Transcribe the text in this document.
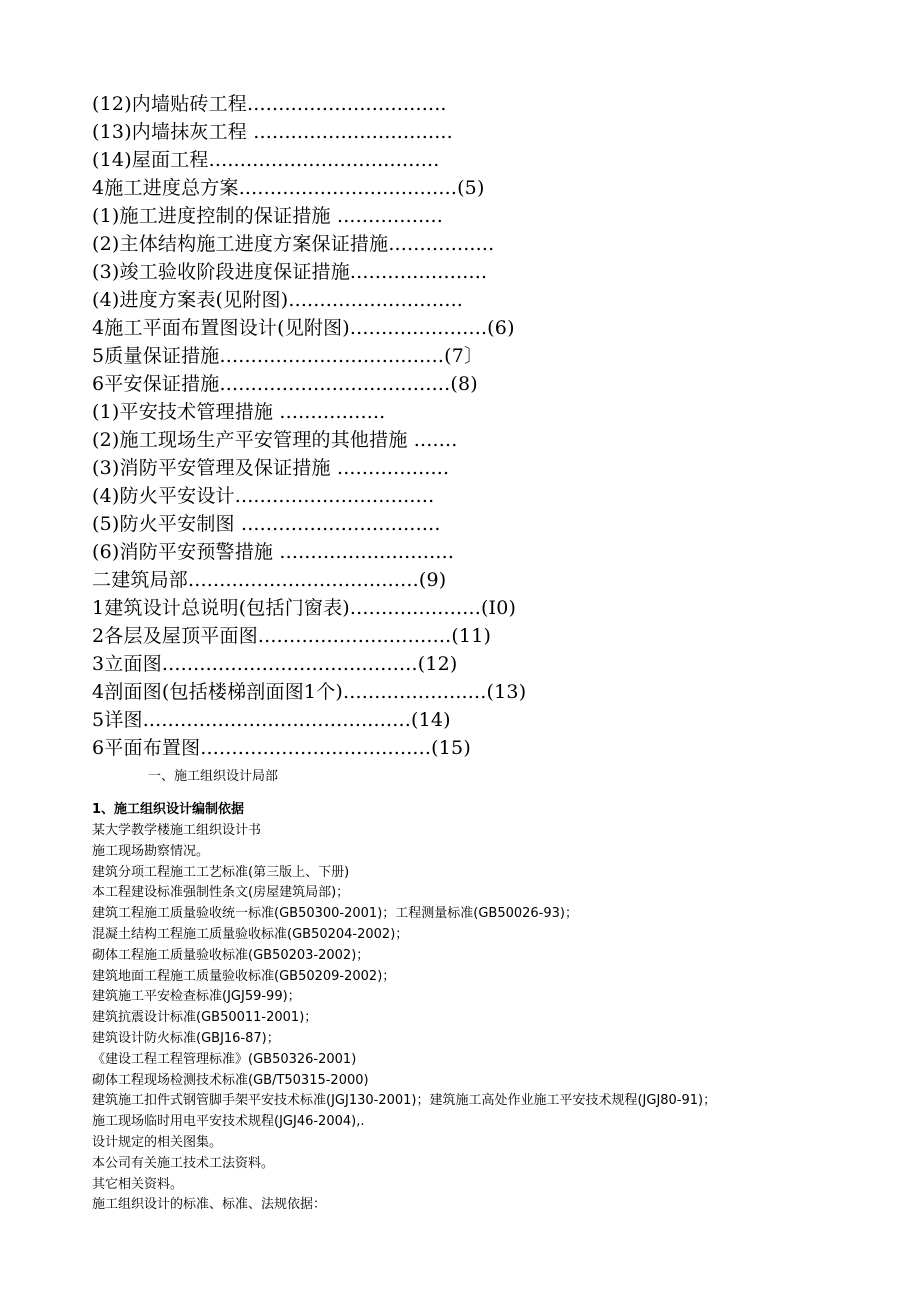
(12)内墙贴砖工程................................
(13)内墙抹灰工程 ................................
(14)屋面工程.....................................
4施工进度总方案...................................(5)
(1)施工进度控制的保证措施 .................
(2)主体结构施工进度方案保证措施.................
(3)竣工验收阶段进度保证措施......................
(4)进度方案表(见附图)............................
4施工平面布置图设计(见附图)......................(6)
5质量保证措施....................................(7〕
6平安保证措施.....................................(8)
(1)平安技术管理措施 .................
(2)施工现场生产平安管理的其他措施 .......
(3)消防平安管理及保证措施 ..................
(4)防火平安设计................................
(5)防火平安制图 ................................
(6)消防平安预警措施 ............................
二建筑局部.....................................(9)
1建筑设计总说明(包括门窗表).....................(I0)
2各层及屋顶平面图...............................(11)
3立面图.........................................(12)
4剖面图(包括楼梯剖面图1个).......................(13)
5详图...........................................(14)
6平面布置图.....................................(15)
一、施工组织设计局部
1、施工组织设计编制依据
某大学教学楼施工组织设计书
施工现场勘察情况。
建筑分项工程施工工艺标准(第三版上、下册)
本工程建设标准强制性条文(房屋建筑局部)；
建筑工程施工质量验收统一标准(GB50300-2001)；工程测量标准(GB50026-93)；
混凝土结构工程施工质量验收标准(GB50204-2002)；
砌体工程施工质量验收标准(GB50203-2002)；
建筑地面工程施工质量验收标准(GB50209-2002)；
建筑施工平安检查标准(JGJ59-99)；
建筑抗震设计标准(GB50011-2001)；
建筑设计防火标准(GBJ16-87)；
《建设工程工程管理标准》(GB50326-2001)
砌体工程现场检测技术标准(GB/T50315-2000)
建筑施工扣件式钢管脚手架平安技术标准(JGJ130-2001)；建筑施工高处作业施工平安技术规程(JGJ80-91)；
施工现场临时用电平安技术规程(JGJ46-2004),.
设计规定的相关图集。
本公司有关施工技术工法资料。
其它相关资料。
施工组织设计的标准、标准、法规依据：
